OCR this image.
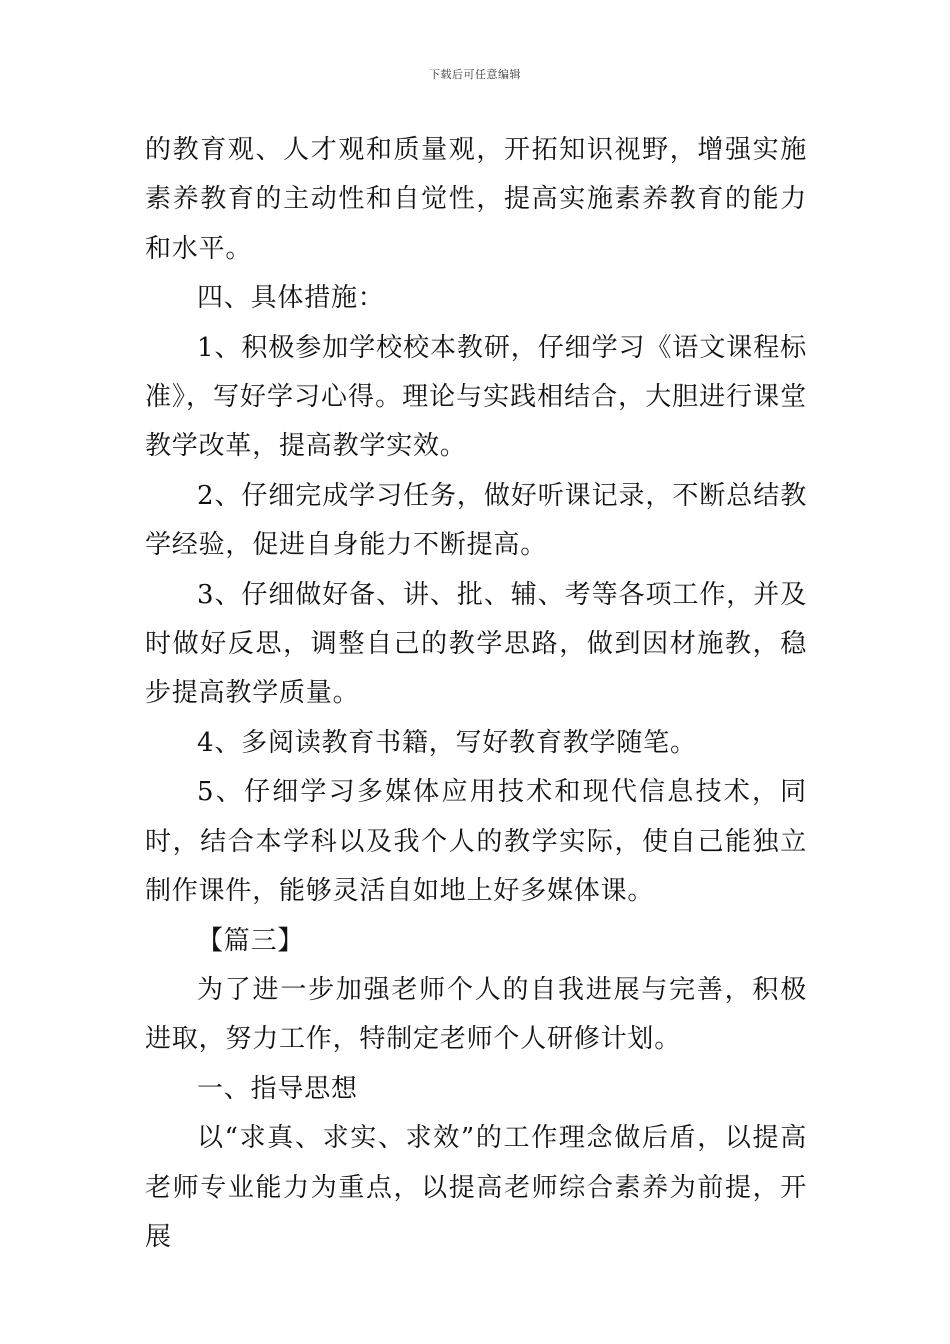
下载后可任意编辑

的教育观、人才观和质量观，开拓知识视野，增强实施素养教育的主动性和自觉性，提高实施素养教育的能力和水平。

四、具体措施：

1、积极参加学校校本教研，仔细学习《语文课程标准》，写好学习心得。理论与实践相结合，大胆进行课堂教学改革，提高教学实效。

2、仔细完成学习任务，做好听课记录，不断总结教学经验，促进自身能力不断提高。

3、仔细做好备、讲、批、辅、考等各项工作，并及时做好反思，调整自己的教学思路，做到因材施教，稳步提高教学质量。

4、多阅读教育书籍，写好教育教学随笔。

5、仔细学习多媒体应用技术和现代信息技术，同时，结合本学科以及我个人的教学实际，使自己能独立制作课件，能够灵活自如地上好多媒体课。

【篇三】

为了进一步加强老师个人的自我进展与完善，积极进取，努力工作，特制定老师个人研修计划。

一、指导思想

以“求真、求实、求效”的工作理念做后盾，以提高老师专业能力为重点，以提高老师综合素养为前提，开展
